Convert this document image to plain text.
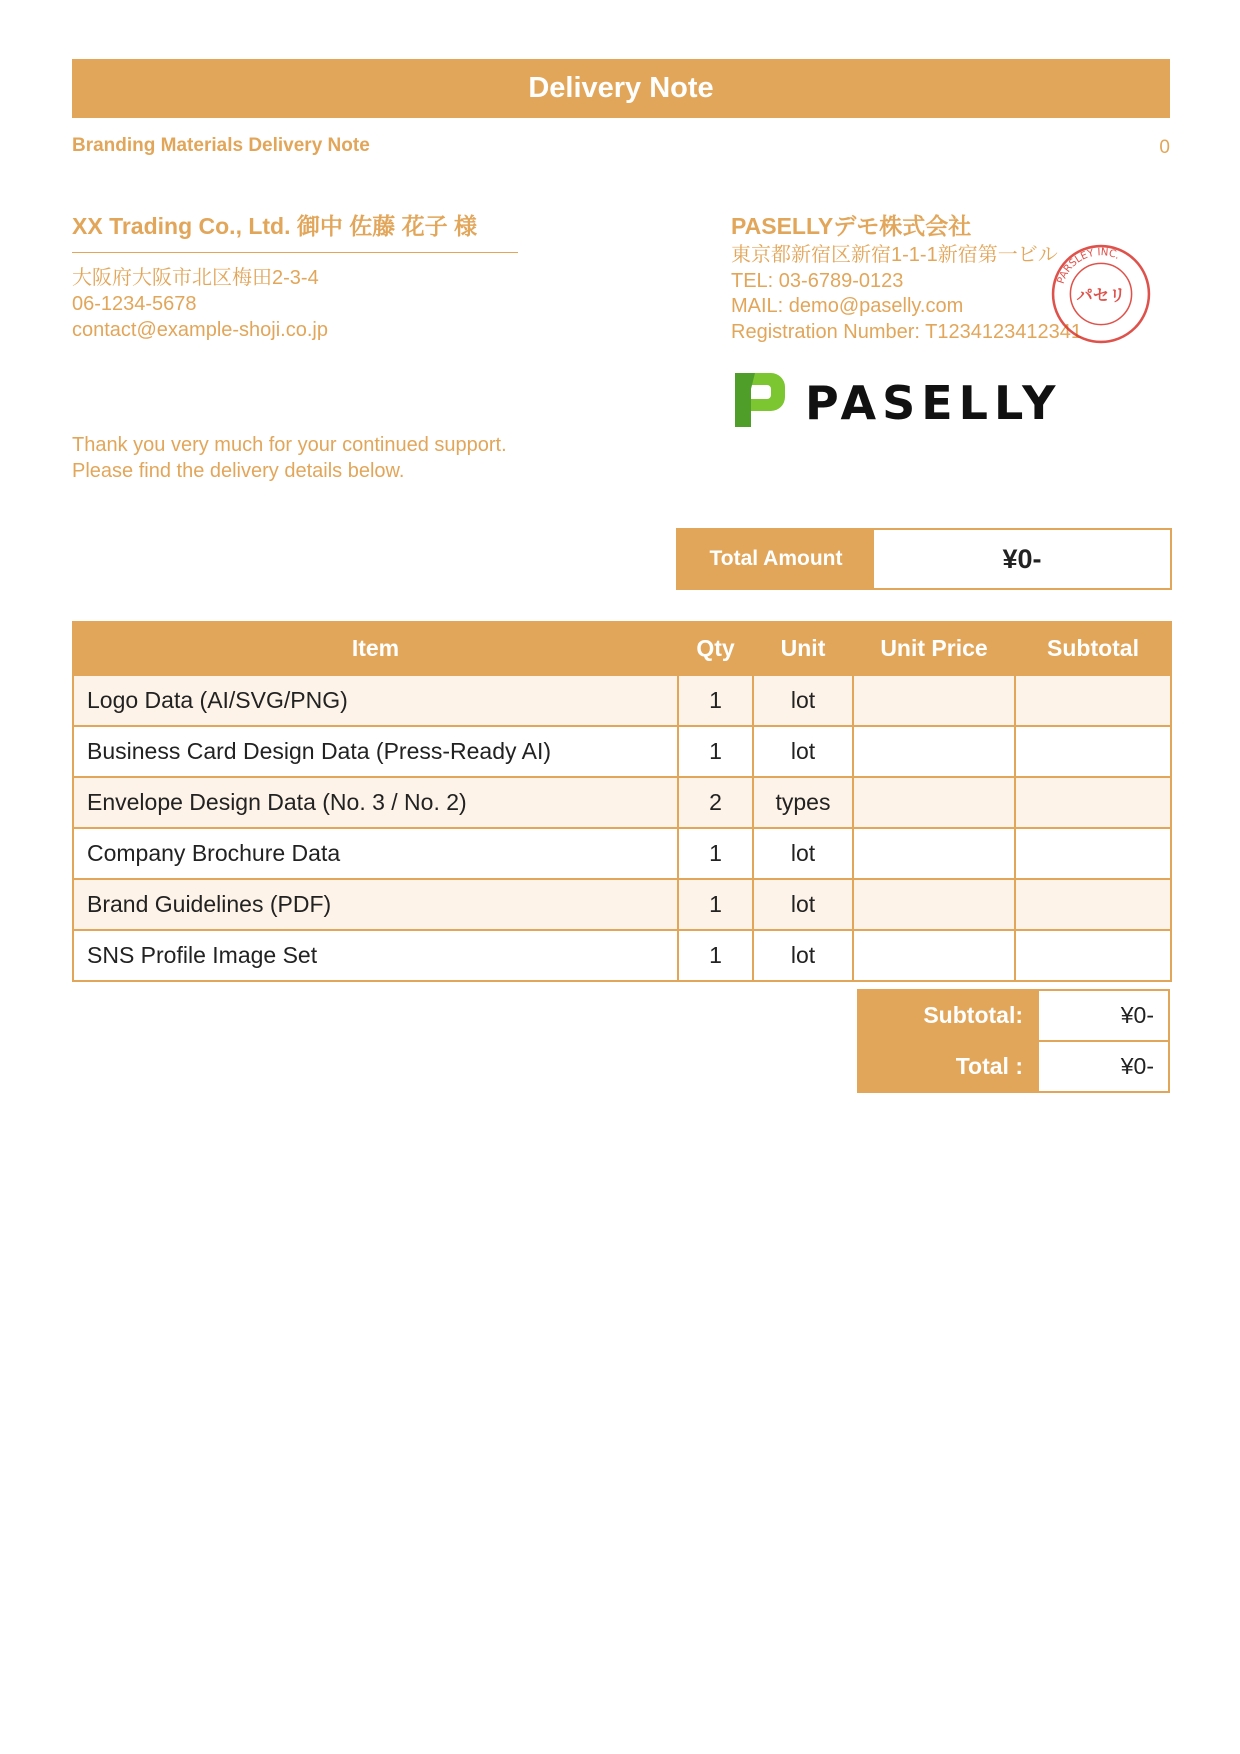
Delivery Note
Branding Materials Delivery Note	0
XX Trading Co., Ltd. 御中 佐藤 花子 様
大阪府大阪市北区梅田2-3-4
06-1234-5678
contact@example-shoji.co.jp
Thank you very much for your continued support.
Please find the delivery details below.
PASELLYデモ株式会社
東京都新宿区新宿1-1-1新宿第一ビル
TEL: 03-6789-0123
MAIL: demo@paselly.com
Registration Number: T1234123412341
PARSLEY INC.
パセリ
PASELLY
Total Amount	¥0-
Item	Qty	Unit	Unit Price	Subtotal
Logo Data (AI/SVG/PNG)	1	lot		
Business Card Design Data (Press-Ready AI)	1	lot		
Envelope Design Data (No. 3 / No. 2)	2	types		
Company Brochure Data	1	lot		
Brand Guidelines (PDF)	1	lot		
SNS Profile Image Set	1	lot		
Subtotal:	¥0-
Total :	¥0-
